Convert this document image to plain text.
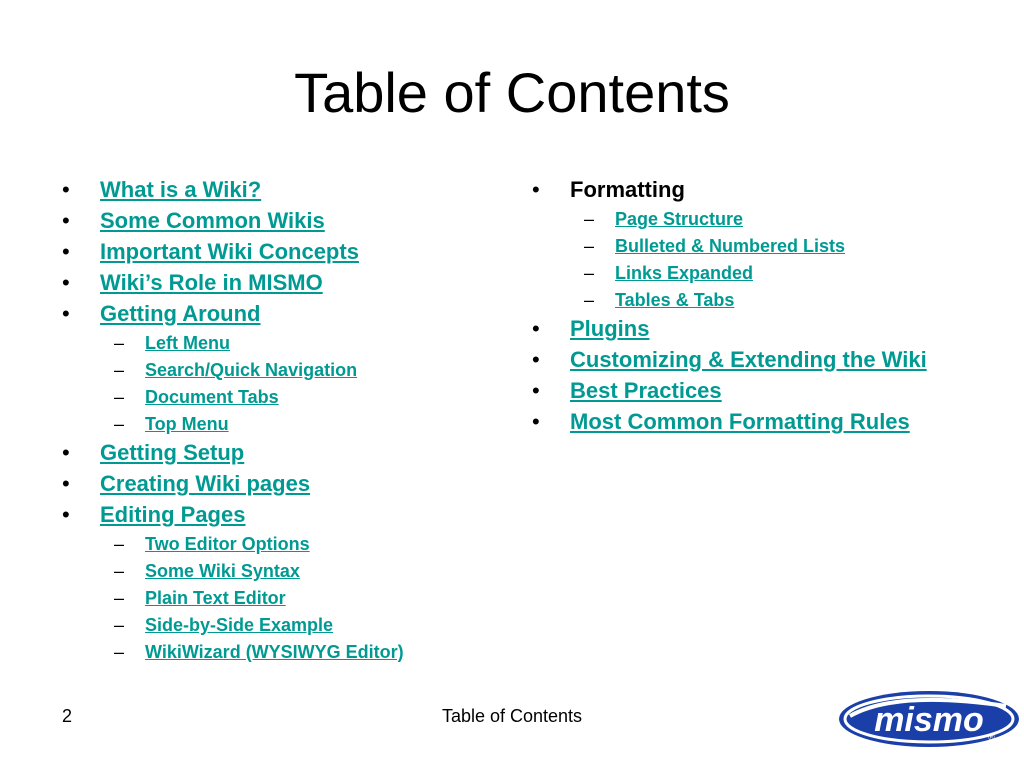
Table of Contents
• What is a Wiki?
• Some Common Wikis
• Important Wiki Concepts
• Wiki’s Role in MISMO
• Getting Around
– Left Menu
– Search/Quick Navigation
– Document Tabs
– Top Menu
• Getting Setup
• Creating Wiki pages
• Editing Pages
– Two Editor Options
– Some Wiki Syntax
– Plain Text Editor
– Side-by-Side Example
– WikiWizard (WYSIWYG Editor)
• Formatting
– Page Structure
– Bulleted & Numbered Lists
– Links Expanded
– Tables & Tabs
• Plugins
• Customizing & Extending the Wiki
• Best Practices
• Most Common Formatting Rules
2	Table of Contents	mismo ®
